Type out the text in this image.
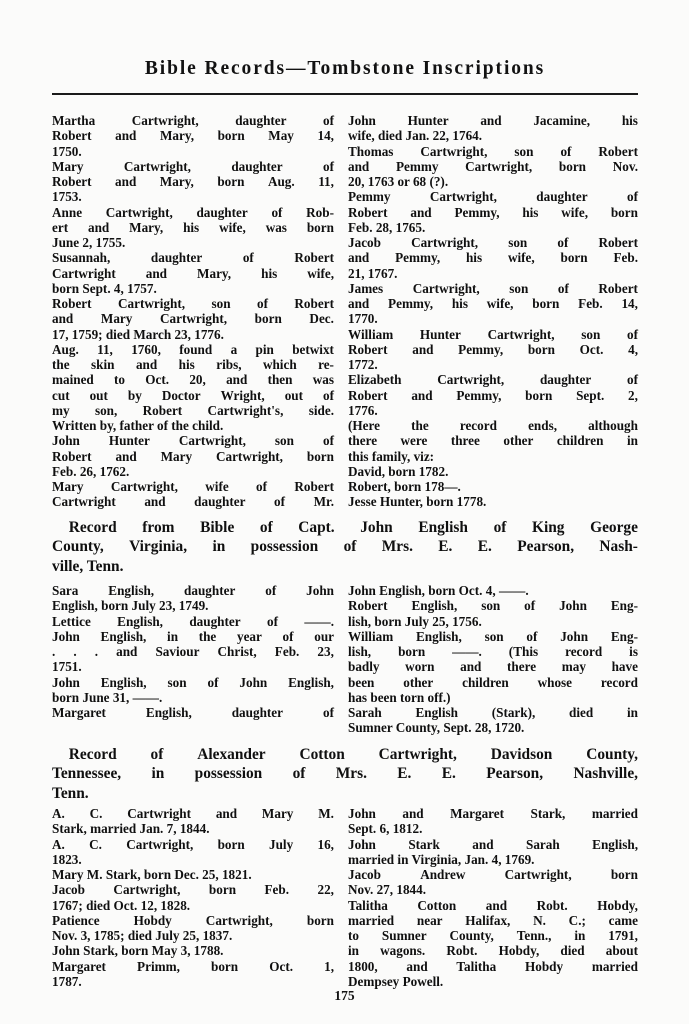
Bible Records—Tombstone Inscriptions
Martha	Cartwright,	daughter	of
Robert and Mary, born May 14,
1750.
Mary	Cartwright,	daughter	of
Robert and Mary, born Aug. 11,
1753.
Anne Cartwright, daughter of Rob-
ert and Mary, his wife, was born
June 2, 1755.
Susannah,	daughter	of	Robert
Cartwright and Mary, his wife,
born Sept. 4, 1757.
Robert Cartwright, son of Robert
and Mary Cartwright, born Dec.
17, 1759; died March 23, 1776.
Aug. 11, 1760, found a pin betwixt
the skin and his ribs, which re-
mained to Oct. 20, and then was
cut out by Doctor Wright, out of
my son, Robert Cartwright's, side.
Written by, father of the child.
John Hunter Cartwright, son of
Robert and Mary Cartwright, born
Feb. 26, 1762.
Mary Cartwright, wife of Robert
Cartwright and daughter of Mr.
John Hunter and Jacamine, his
wife, died Jan. 22, 1764.
Thomas Cartwright, son of Robert
and Pemmy Cartwright, born Nov.
20, 1763 or 68 (?).
Pemmy	Cartwright,	daughter	of
Robert and Pemmy, his wife, born
Feb. 28, 1765.
Jacob Cartwright, son of Robert
and Pemmy, his wife, born Feb.
21, 1767.
James Cartwright, son of Robert
and Pemmy, his wife, born Feb. 14,
1770.
William Hunter Cartwright, son of
Robert and Pemmy, born Oct. 4,
1772.
Elizabeth	Cartwright,	daughter	of
Robert and Pemmy, born Sept. 2,
1776.
(Here the record ends, although
there were three other children in
this family, viz:
David, born 1782.
Robert, born 178—.
Jesse Hunter, born 1778.
Record from Bible of Capt. John English of King George
County, Virginia, in possession of Mrs. E. E. Pearson, Nash-
ville, Tenn.
Sara English, daughter of John
English, born July 23, 1749.
Lettice English, daughter of ——.
John English, in the year of our
. . . and Saviour Christ, Feb. 23,
1751.
John English, son of John English,
born June 31, ——.
Margaret	English,	daughter	of
John English, born Oct. 4, ——.
Robert English, son of John Eng-
lish, born July 25, 1756.
William English, son of John Eng-
lish, born ——. (This record is
badly worn and there may have
been other children whose record
has been torn off.)
Sarah	English	(Stark),	died	in
Sumner County, Sept. 28, 1720.
Record of Alexander Cotton Cartwright, Davidson County,
Tennessee, in possession of Mrs. E. E. Pearson, Nashville,
Tenn.
A. C. Cartwright and Mary M.
Stark, married Jan. 7, 1844.
A. C. Cartwright, born July 16,
1823.
Mary M. Stark, born Dec. 25, 1821.
Jacob Cartwright, born Feb. 22,
1767; died Oct. 12, 1828.
Patience	Hobdy	Cartwright,	born
Nov. 3, 1785; died July 25, 1837.
John Stark, born May 3, 1788.
Margaret Primm, born Oct. 1,
1787.
John and Margaret Stark, married
Sept. 6, 1812.
John Stark and Sarah English,
married in Virginia, Jan. 4, 1769.
Jacob	Andrew	Cartwright,	born
Nov. 27, 1844.
Talitha Cotton and Robt. Hobdy,
married near Halifax, N. C.; came
to Sumner County, Tenn., in 1791,
in wagons. Robt. Hobdy, died about
1800, and Talitha Hobdy married
Dempsey Powell.
175
